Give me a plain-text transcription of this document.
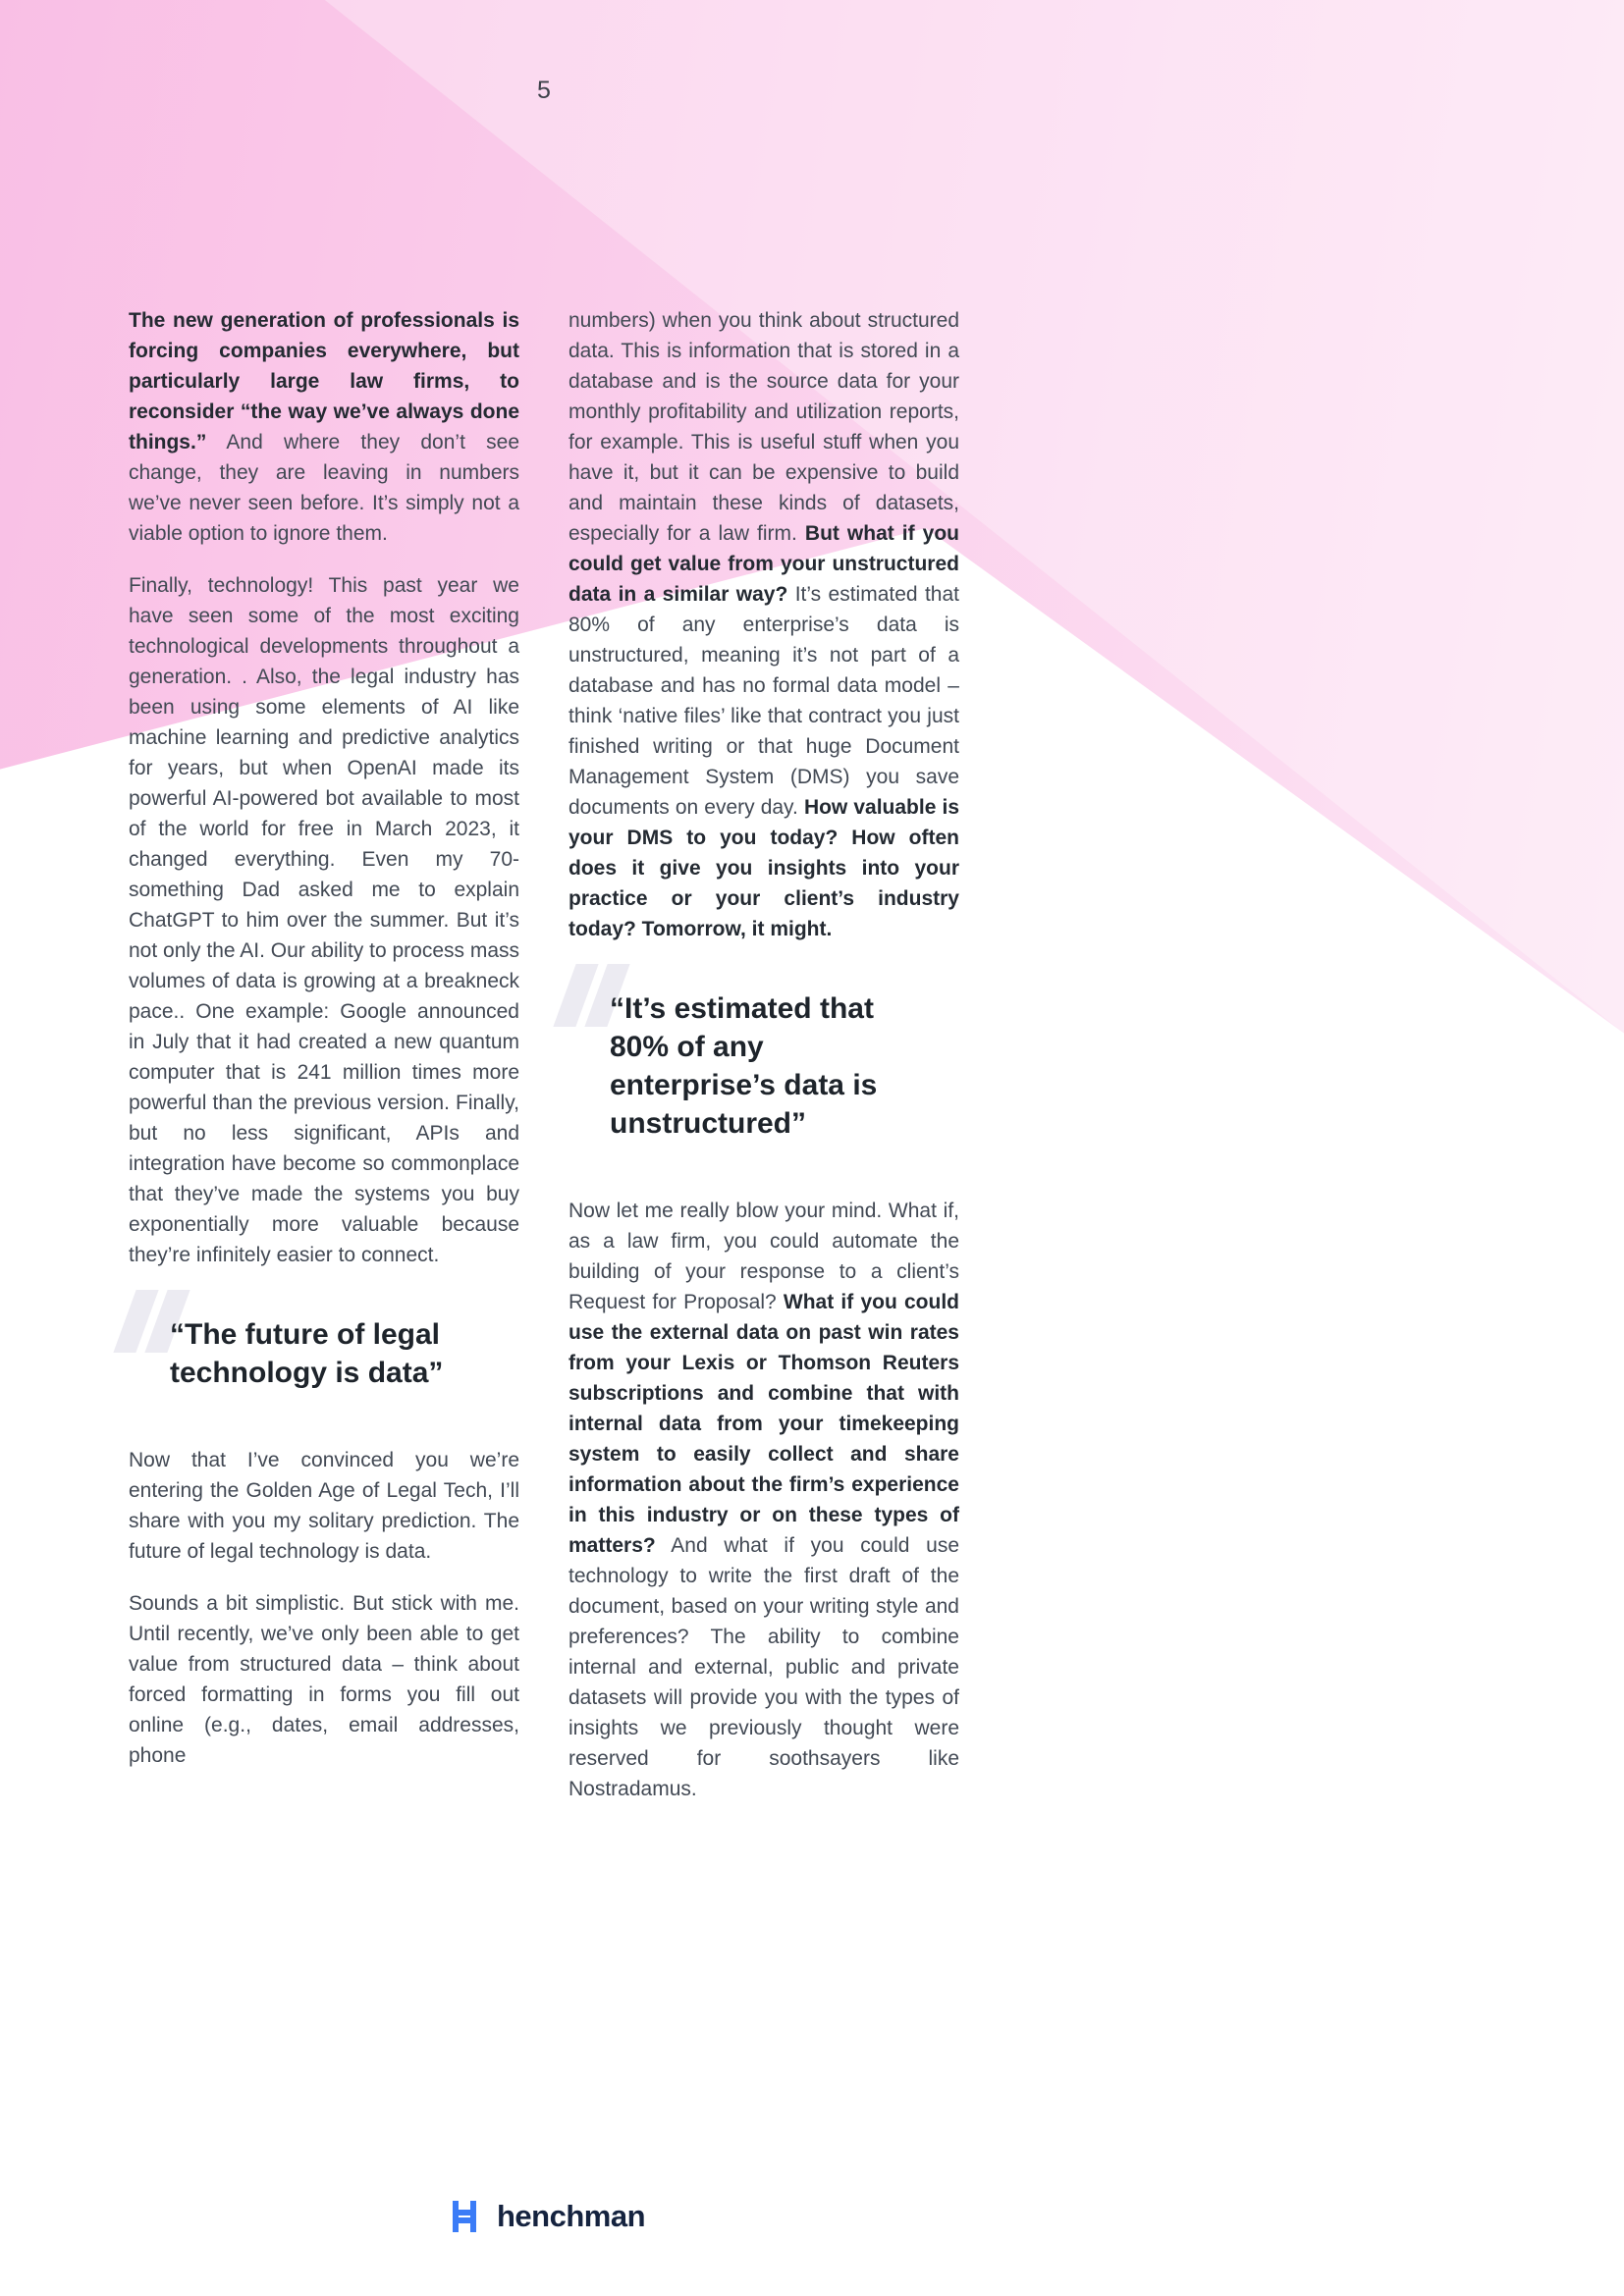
5

The new generation of professionals is forcing companies everywhere, but particularly large law firms, to reconsider “the way we’ve always done things.” And where they don’t see change, they are leaving in numbers we’ve never seen before. It’s simply not a viable option to ignore them.

Finally, technology! This past year we have seen some of the most exciting technological developments throughout a generation. . Also, the legal industry has been using some elements of AI like machine learning and predictive analytics for years, but when OpenAI made its powerful AI-powered bot available to most of the world for free in March 2023, it changed everything. Even my 70-something Dad asked me to explain ChatGPT to him over the summer. But it’s not only the AI. Our ability to process mass volumes of data is growing at a breakneck pace.. One example: Google announced in July that it had created a new quantum computer that is 241 million times more powerful than the previous version. Finally, but no less significant, APIs and integration have become so commonplace that they’ve made the systems you buy exponentially more valuable because they’re infinitely easier to connect.

“The future of legal technology is data”

Now that I’ve convinced you we’re entering the Golden Age of Legal Tech, I’ll share with you my solitary prediction. The future of legal technology is data.

Sounds a bit simplistic. But stick with me. Until recently, we’ve only been able to get value from structured data – think about forced formatting in forms you fill out online (e.g., dates, email addresses, phone

numbers) when you think about structured data. This is information that is stored in a database and is the source data for your monthly profitability and utilization reports, for example. This is useful stuff when you have it, but it can be expensive to build and maintain these kinds of datasets, especially for a law firm. But what if you could get value from your unstructured data in a similar way? It’s estimated that 80% of any enterprise’s data is unstructured, meaning it’s not part of a database and has no formal data model – think ‘native files’ like that contract you just finished writing or that huge Document Management System (DMS) you save documents on every day. How valuable is your DMS to you today? How often does it give you insights into your practice or your client’s industry today? Tomorrow, it might.

“It’s estimated that 80% of any enterprise’s data is unstructured”

Now let me really blow your mind. What if, as a law firm, you could automate the building of your response to a client’s Request for Proposal? What if you could use the external data on past win rates from your Lexis or Thomson Reuters subscriptions and combine that with internal data from your timekeeping system to easily collect and share information about the firm’s experience in this industry or on these types of matters? And what if you could use technology to write the first draft of the document, based on your writing style and preferences? The ability to combine internal and external, public and private datasets will provide you with the types of insights we previously thought were reserved for soothsayers like Nostradamus.

henchman
